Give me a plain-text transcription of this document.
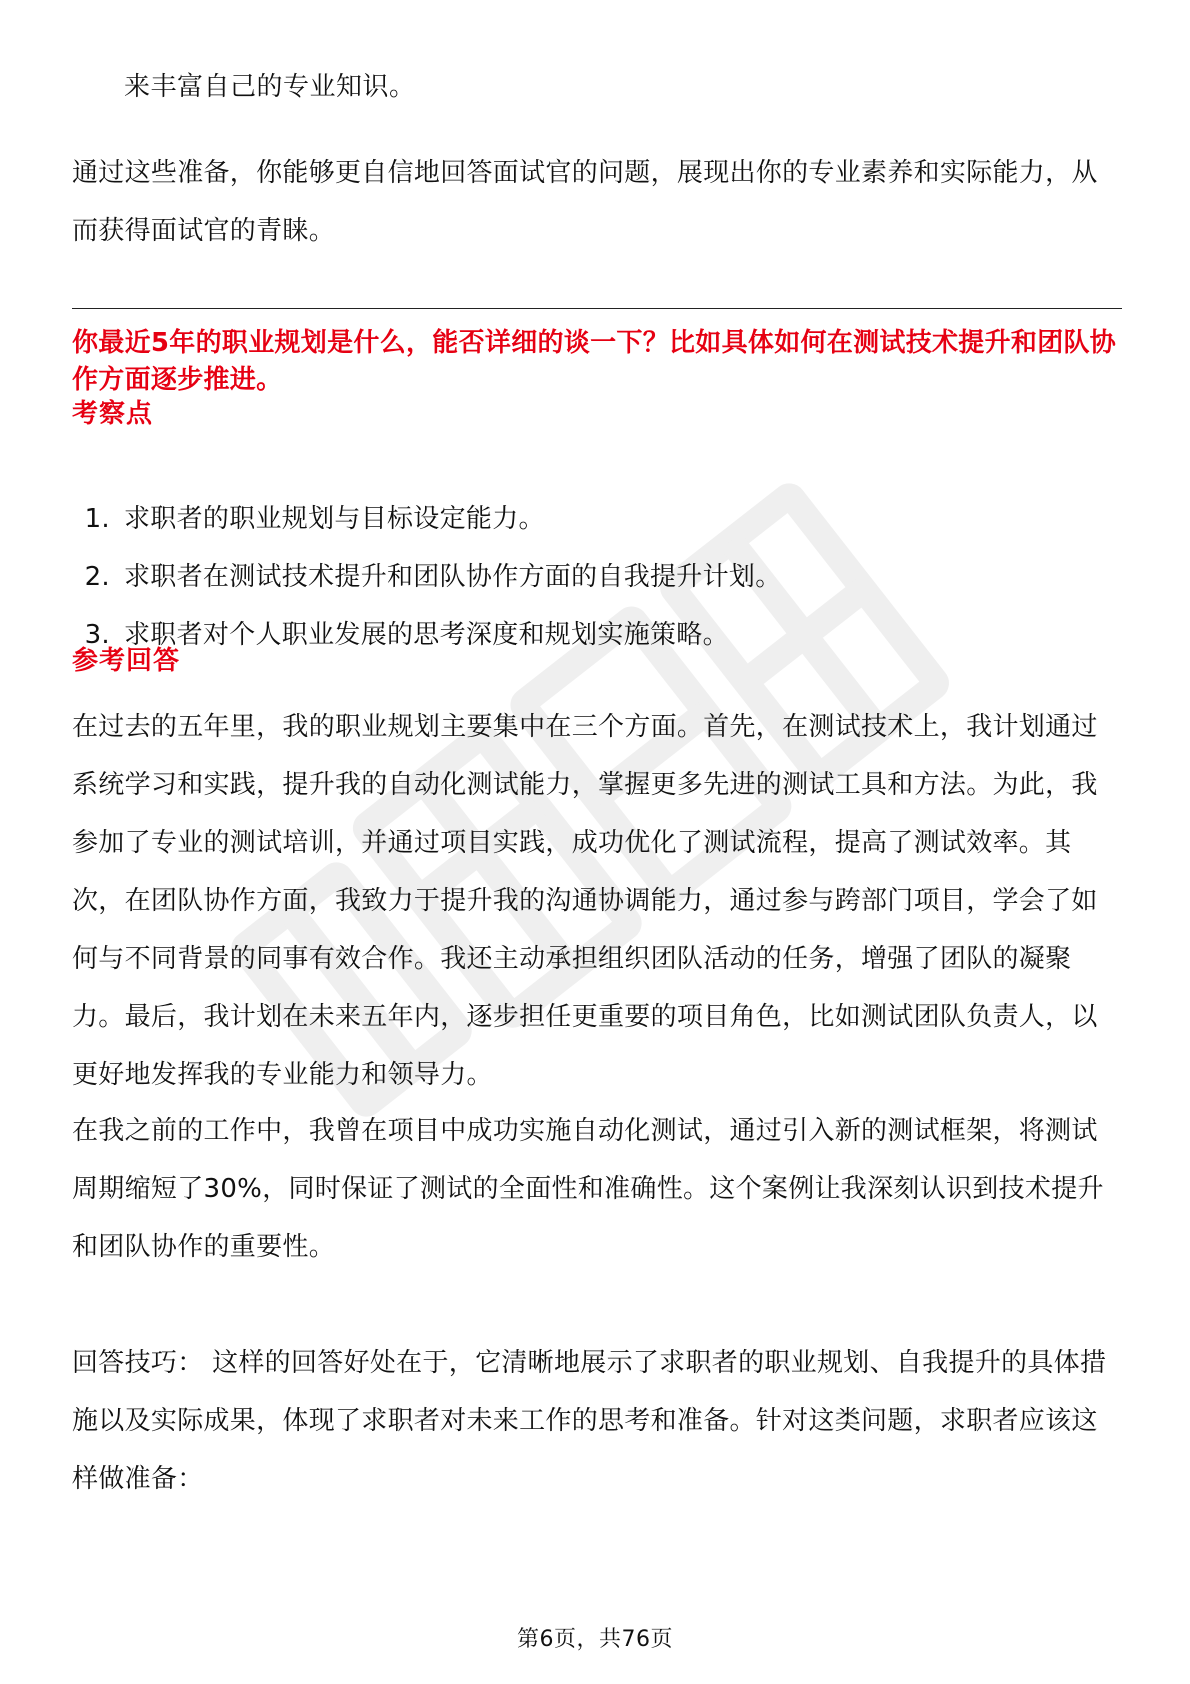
来丰富自己的专业知识。

通过这些准备，你能够更自信地回答面试官的问题，展现出你的专业素养和实际能力，从而获得面试官的青睐。

你最近5年的职业规划是什么，能否详细的谈一下？比如具体如何在测试技术提升和团队协作方面逐步推进。

考察点
1. 求职者的职业规划与目标设定能力。
2. 求职者在测试技术提升和团队协作方面的自我提升计划。
3. 求职者对个人职业发展的思考深度和规划实施策略。
参考回答

在过去的五年里，我的职业规划主要集中在三个方面。首先，在测试技术上，我计划通过系统学习和实践，提升我的自动化测试能力，掌握更多先进的测试工具和方法。为此，我参加了专业的测试培训，并通过项目实践，成功优化了测试流程，提高了测试效率。其次，在团队协作方面，我致力于提升我的沟通协调能力，通过参与跨部门项目，学会了如何与不同背景的同事有效合作。我还主动承担组织团队活动的任务，增强了团队的凝聚力。最后，我计划在未来五年内，逐步担任更重要的项目角色，比如测试团队负责人，以更好地发挥我的专业能力和领导力。

在我之前的工作中，我曾在项目中成功实施自动化测试，通过引入新的测试框架，将测试周期缩短了30%，同时保证了测试的全面性和准确性。这个案例让我深刻认识到技术提升和团队协作的重要性。

回答技巧： 这样的回答好处在于，它清晰地展示了求职者的职业规划、自我提升的具体措施以及实际成果，体现了求职者对未来工作的思考和准备。针对这类问题，求职者应该这样做准备：

第6页，共76页
